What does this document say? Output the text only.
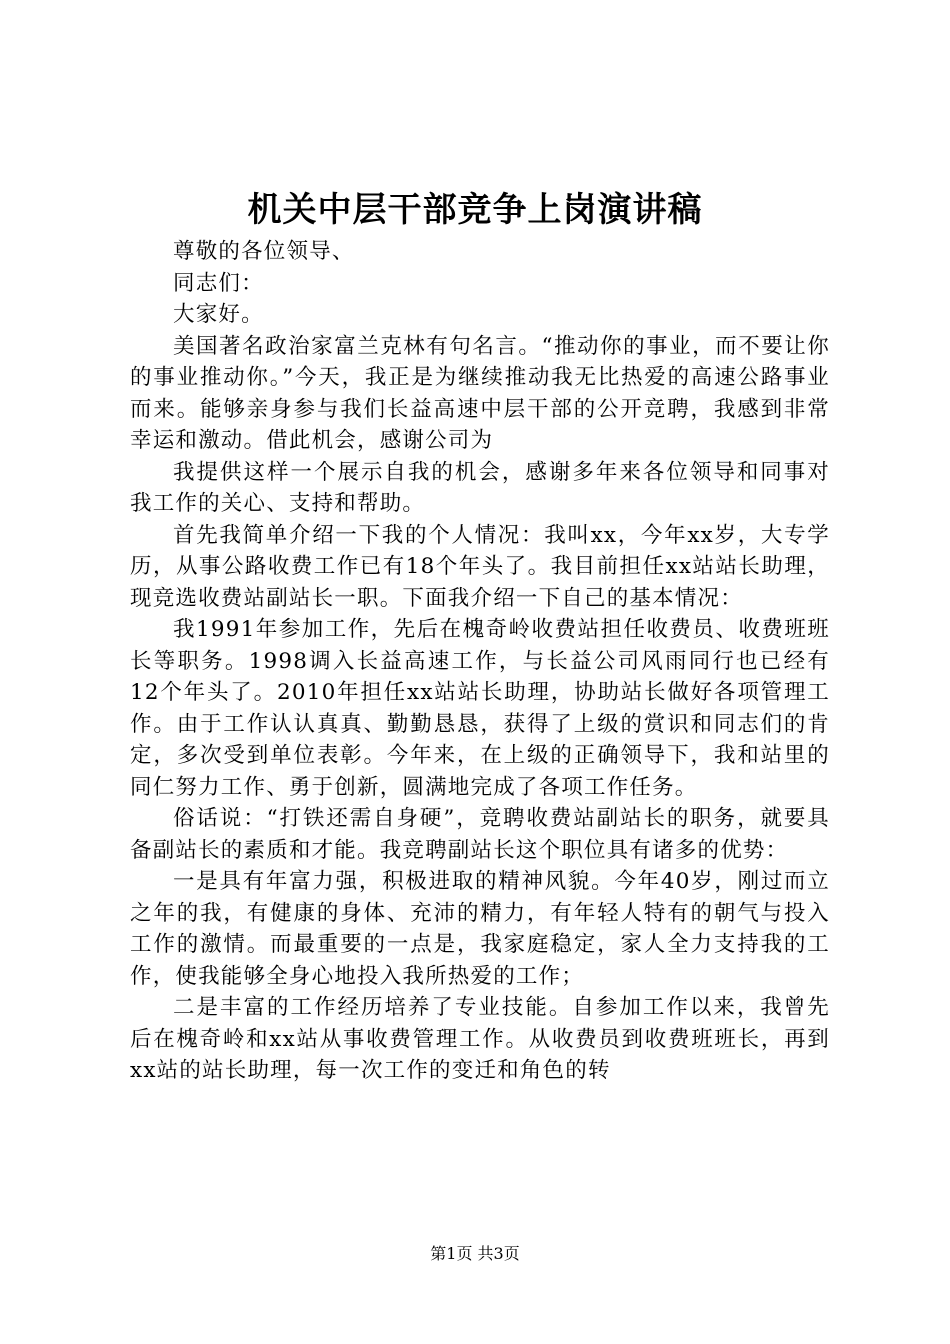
机关中层干部竞争上岗演讲稿

尊敬的各位领导、

同志们：

大家好。

美国著名政治家富兰克林有句名言。“推动你的事业，而不要让你的事业推动你。”今天，我正是为继续推动我无比热爱的高速公路事业而来。能够亲身参与我们长益高速中层干部的公开竞聘，我感到非常幸运和激动。借此机会，感谢公司为

我提供这样一个展示自我的机会，感谢多年来各位领导和同事对我工作的关心、支持和帮助。

首先我简单介绍一下我的个人情况：我叫xx，今年xx岁，大专学历，从事公路收费工作已有18个年头了。我目前担任xx站站长助理，现竞选收费站副站长一职。下面我介绍一下自己的基本情况：

我1991年参加工作，先后在槐奇岭收费站担任收费员、收费班班长等职务。1998调入长益高速工作，与长益公司风雨同行也已经有12个年头了。2010年担任xx站站长助理，协助站长做好各项管理工作。由于工作认认真真、勤勤恳恳，获得了上级的赏识和同志们的肯定，多次受到单位表彰。今年来，在上级的正确领导下，我和站里的同仁努力工作、勇于创新，圆满地完成了各项工作任务。

俗话说：“打铁还需自身硬”，竞聘收费站副站长的职务，就要具备副站长的素质和才能。我竞聘副站长这个职位具有诸多的优势：

一是具有年富力强，积极进取的精神风貌。今年40岁，刚过而立之年的我，有健康的身体、充沛的精力，有年轻人特有的朝气与投入工作的激情。而最重要的一点是，我家庭稳定，家人全力支持我的工作，使我能够全身心地投入我所热爱的工作；

二是丰富的工作经历培养了专业技能。自参加工作以来，我曾先后在槐奇岭和xx站从事收费管理工作。从收费员到收费班班长，再到xx站的站长助理，每一次工作的变迁和角色的转

第1页 共3页
